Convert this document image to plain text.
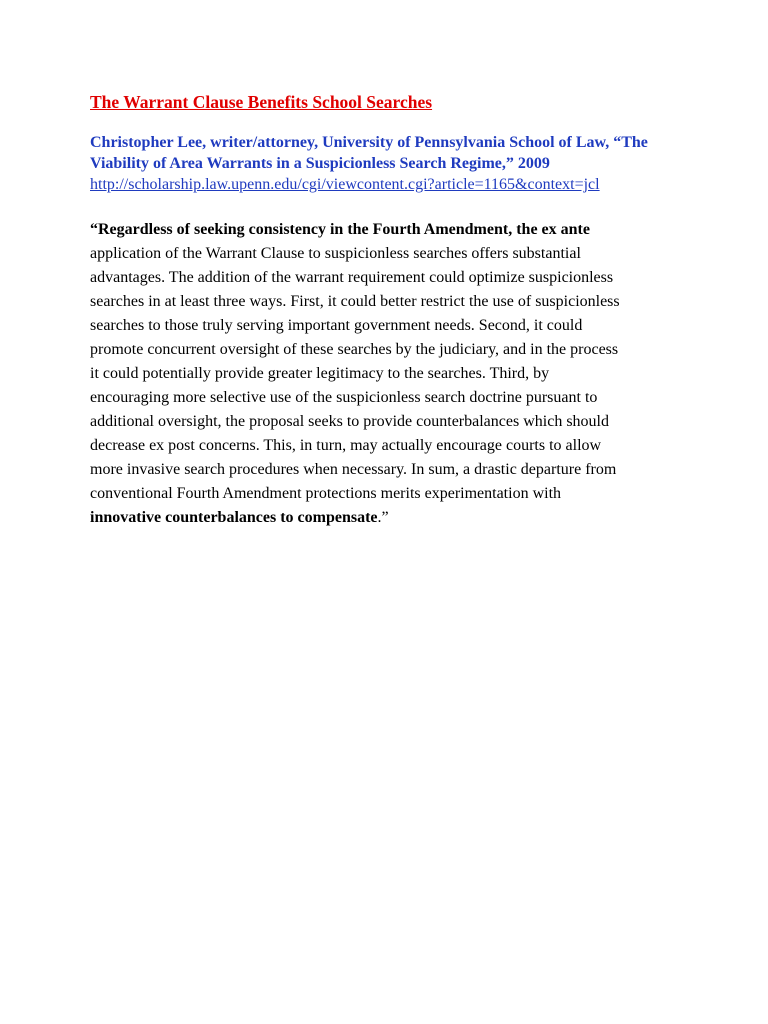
The Warrant Clause Benefits School Searches
Christopher Lee, writer/attorney, University of Pennsylvania School of Law, “The
Viability of Area Warrants in a Suspicionless Search Regime,” 2009
http://scholarship.law.upenn.edu/cgi/viewcontent.cgi?article=1165&context=jcl
“Regardless of seeking consistency in the Fourth Amendment, the ex ante
application of the Warrant Clause to suspicionless searches offers substantial
advantages. The addition of the warrant requirement could optimize suspicionless
searches in at least three ways. First, it could better restrict the use of suspicionless
searches to those truly serving important government needs. Second, it could
promote concurrent oversight of these searches by the judiciary, and in the process
it could potentially provide greater legitimacy to the searches. Third, by
encouraging more selective use of the suspicionless search doctrine pursuant to
additional oversight, the proposal seeks to provide counterbalances which should
decrease ex post concerns. This, in turn, may actually encourage courts to allow
more invasive search procedures when necessary. In sum, a drastic departure from
conventional Fourth Amendment protections merits experimentation with
innovative counterbalances to compensate.”
